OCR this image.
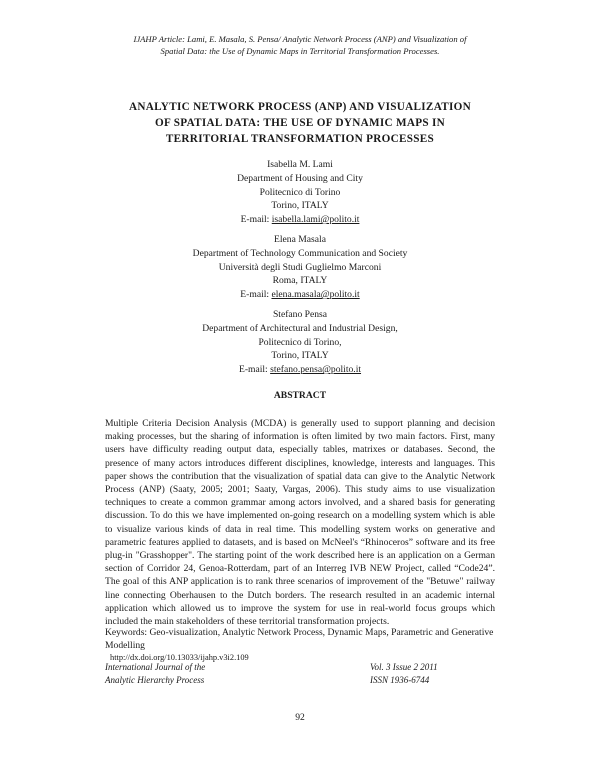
IJAHP Article: Lami, E. Masala, S. Pensa/ Analytic Network Process (ANP) and Visualization of
Spatial Data: the Use of Dynamic Maps in Territorial Transformation Processes.
ANALYTIC NETWORK PROCESS (ANP) AND VISUALIZATION
OF SPATIAL DATA: THE USE OF DYNAMIC MAPS IN
TERRITORIAL TRANSFORMATION PROCESSES
Isabella M. Lami
Department of Housing and City
Politecnico di Torino
Torino, ITALY
E-mail: isabella.lami@polito.it
Elena Masala
Department of Technology Communication and Society
Università degli Studi Guglielmo Marconi
Roma, ITALY
E-mail: elena.masala@polito.it
Stefano Pensa
Department of Architectural and Industrial Design,
Politecnico di Torino,
Torino, ITALY
E-mail: stefano.pensa@polito.it
ABSTRACT

Multiple Criteria Decision Analysis (MCDA) is generally used to support planning and decision making processes, but the sharing of information is often limited by two main factors. First, many users have difficulty reading output data, especially tables, matrixes or databases. Second, the presence of many actors introduces different disciplines, knowledge, interests and languages. This paper shows the contribution that the visualization of spatial data can give to the Analytic Network Process (ANP) (Saaty, 2005; 2001; Saaty, Vargas, 2006). This study aims to use visualization techniques to create a common grammar among actors involved, and a shared basis for generating discussion. To do this we have implemented on-going research on a modelling system which is able to visualize various kinds of data in real time. This modelling system works on generative and parametric features applied to datasets, and is based on McNeel's “Rhinoceros” software and its free plug-in "Grasshopper". The starting point of the work described here is an application on a German section of Corridor 24, Genoa-Rotterdam, part of an Interreg IVB NEW Project, called “Code24”. The goal of this ANP application is to rank three scenarios of improvement of the "Betuwe" railway line connecting Oberhausen to the Dutch borders. The research resulted in an academic internal application which allowed us to improve the system for use in real-world focus groups which included the main stakeholders of these territorial transformation projects.

Keywords: Geo-visualization, Analytic Network Process, Dynamic Maps, Parametric and Generative Modelling

http://dx.doi.org/10.13033/ijahp.v3i2.109
International Journal of the
Analytic Hierarchy Process
Vol. 3 Issue 2 2011
ISSN 1936-6744
92
